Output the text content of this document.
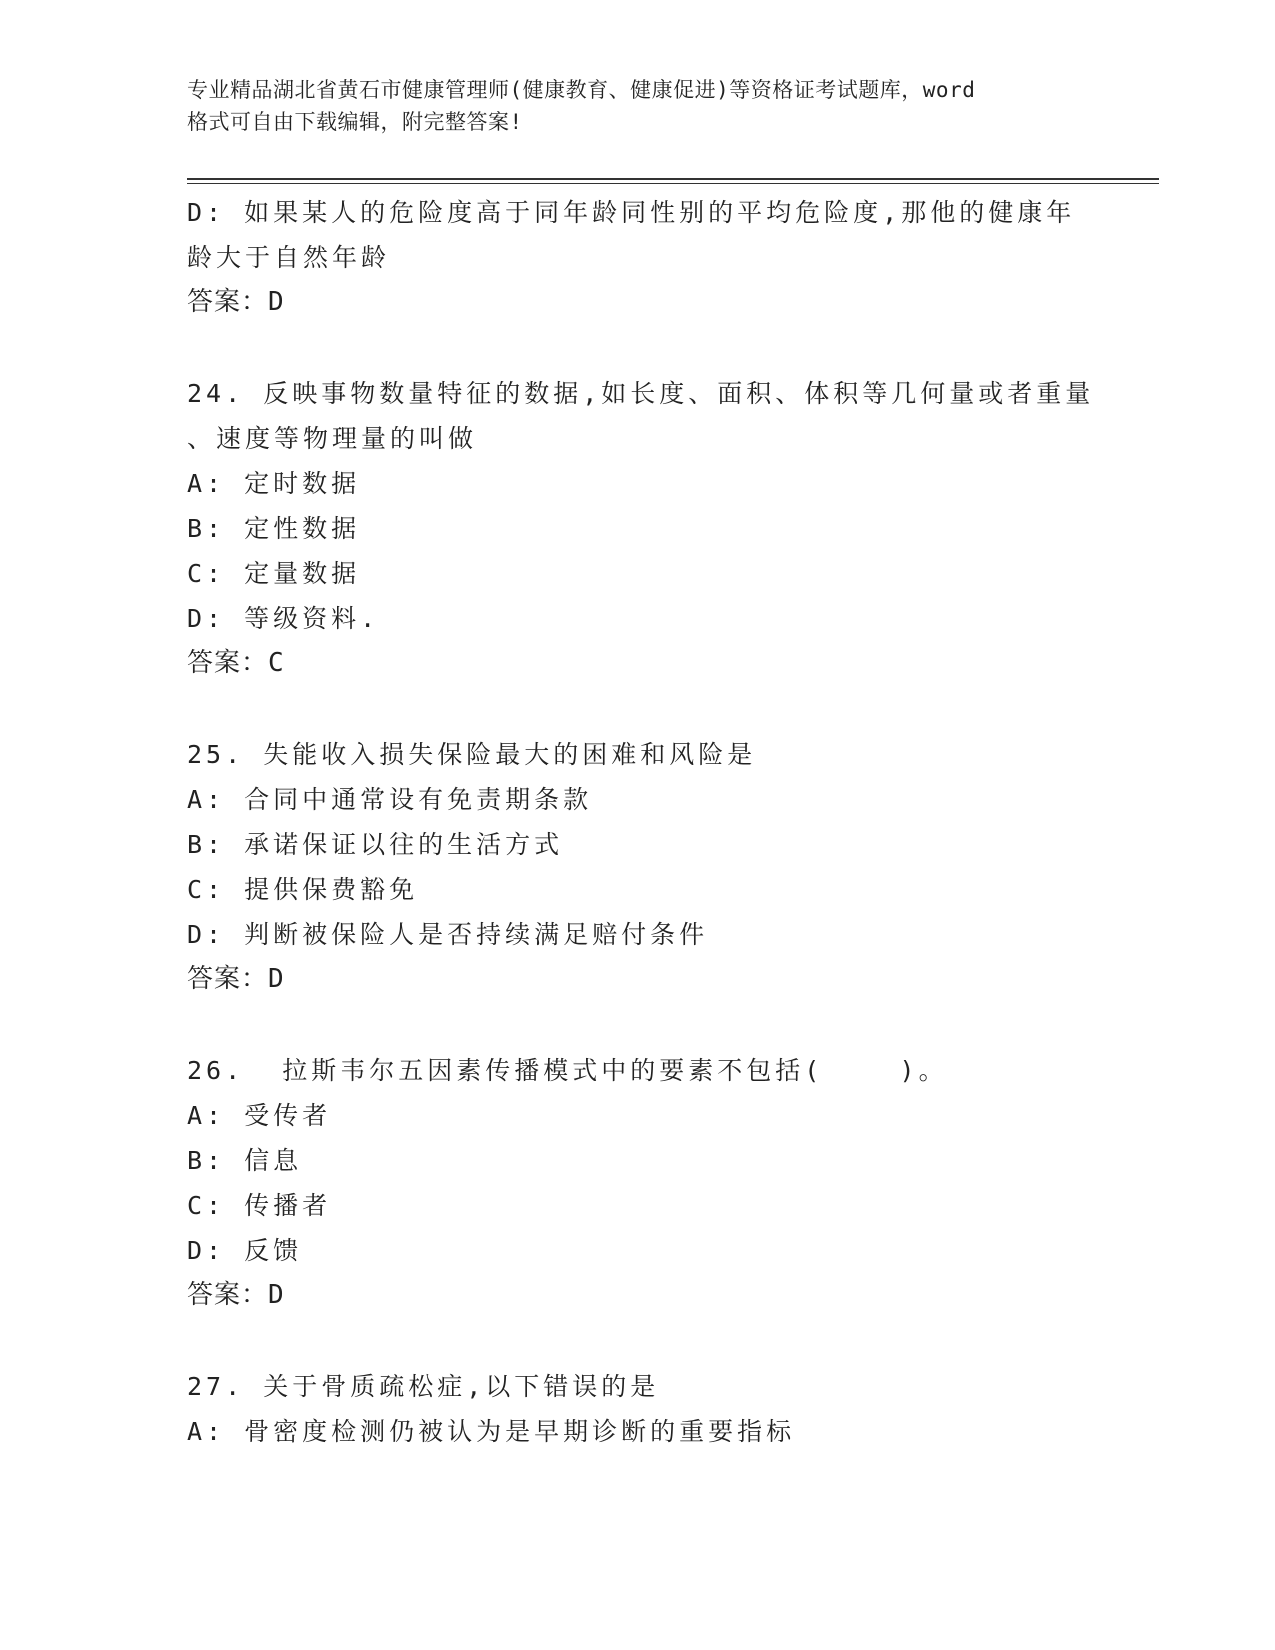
专业精品湖北省黄石市健康管理师(健康教育、健康促进)等资格证考试题库，word
格式可自由下载编辑，附完整答案!
D: 如果某人的危险度高于同年龄同性别的平均危险度,那他的健康年
龄大于自然年龄
答案：D
24. 反映事物数量特征的数据,如长度、面积、体积等几何量或者重量
、速度等物理量的叫做
A: 定时数据
B: 定性数据
C: 定量数据
D: 等级资料.
答案：C
25. 失能收入损失保险最大的困难和风险是
A: 合同中通常设有免责期条款
B: 承诺保证以往的生活方式
C: 提供保费豁免
D: 判断被保险人是否持续满足赔付条件
答案：D
26.  拉斯韦尔五因素传播模式中的要素不包括(    )。
A: 受传者
B: 信息
C: 传播者
D: 反馈
答案：D
27. 关于骨质疏松症,以下错误的是
A: 骨密度检测仍被认为是早期诊断的重要指标
